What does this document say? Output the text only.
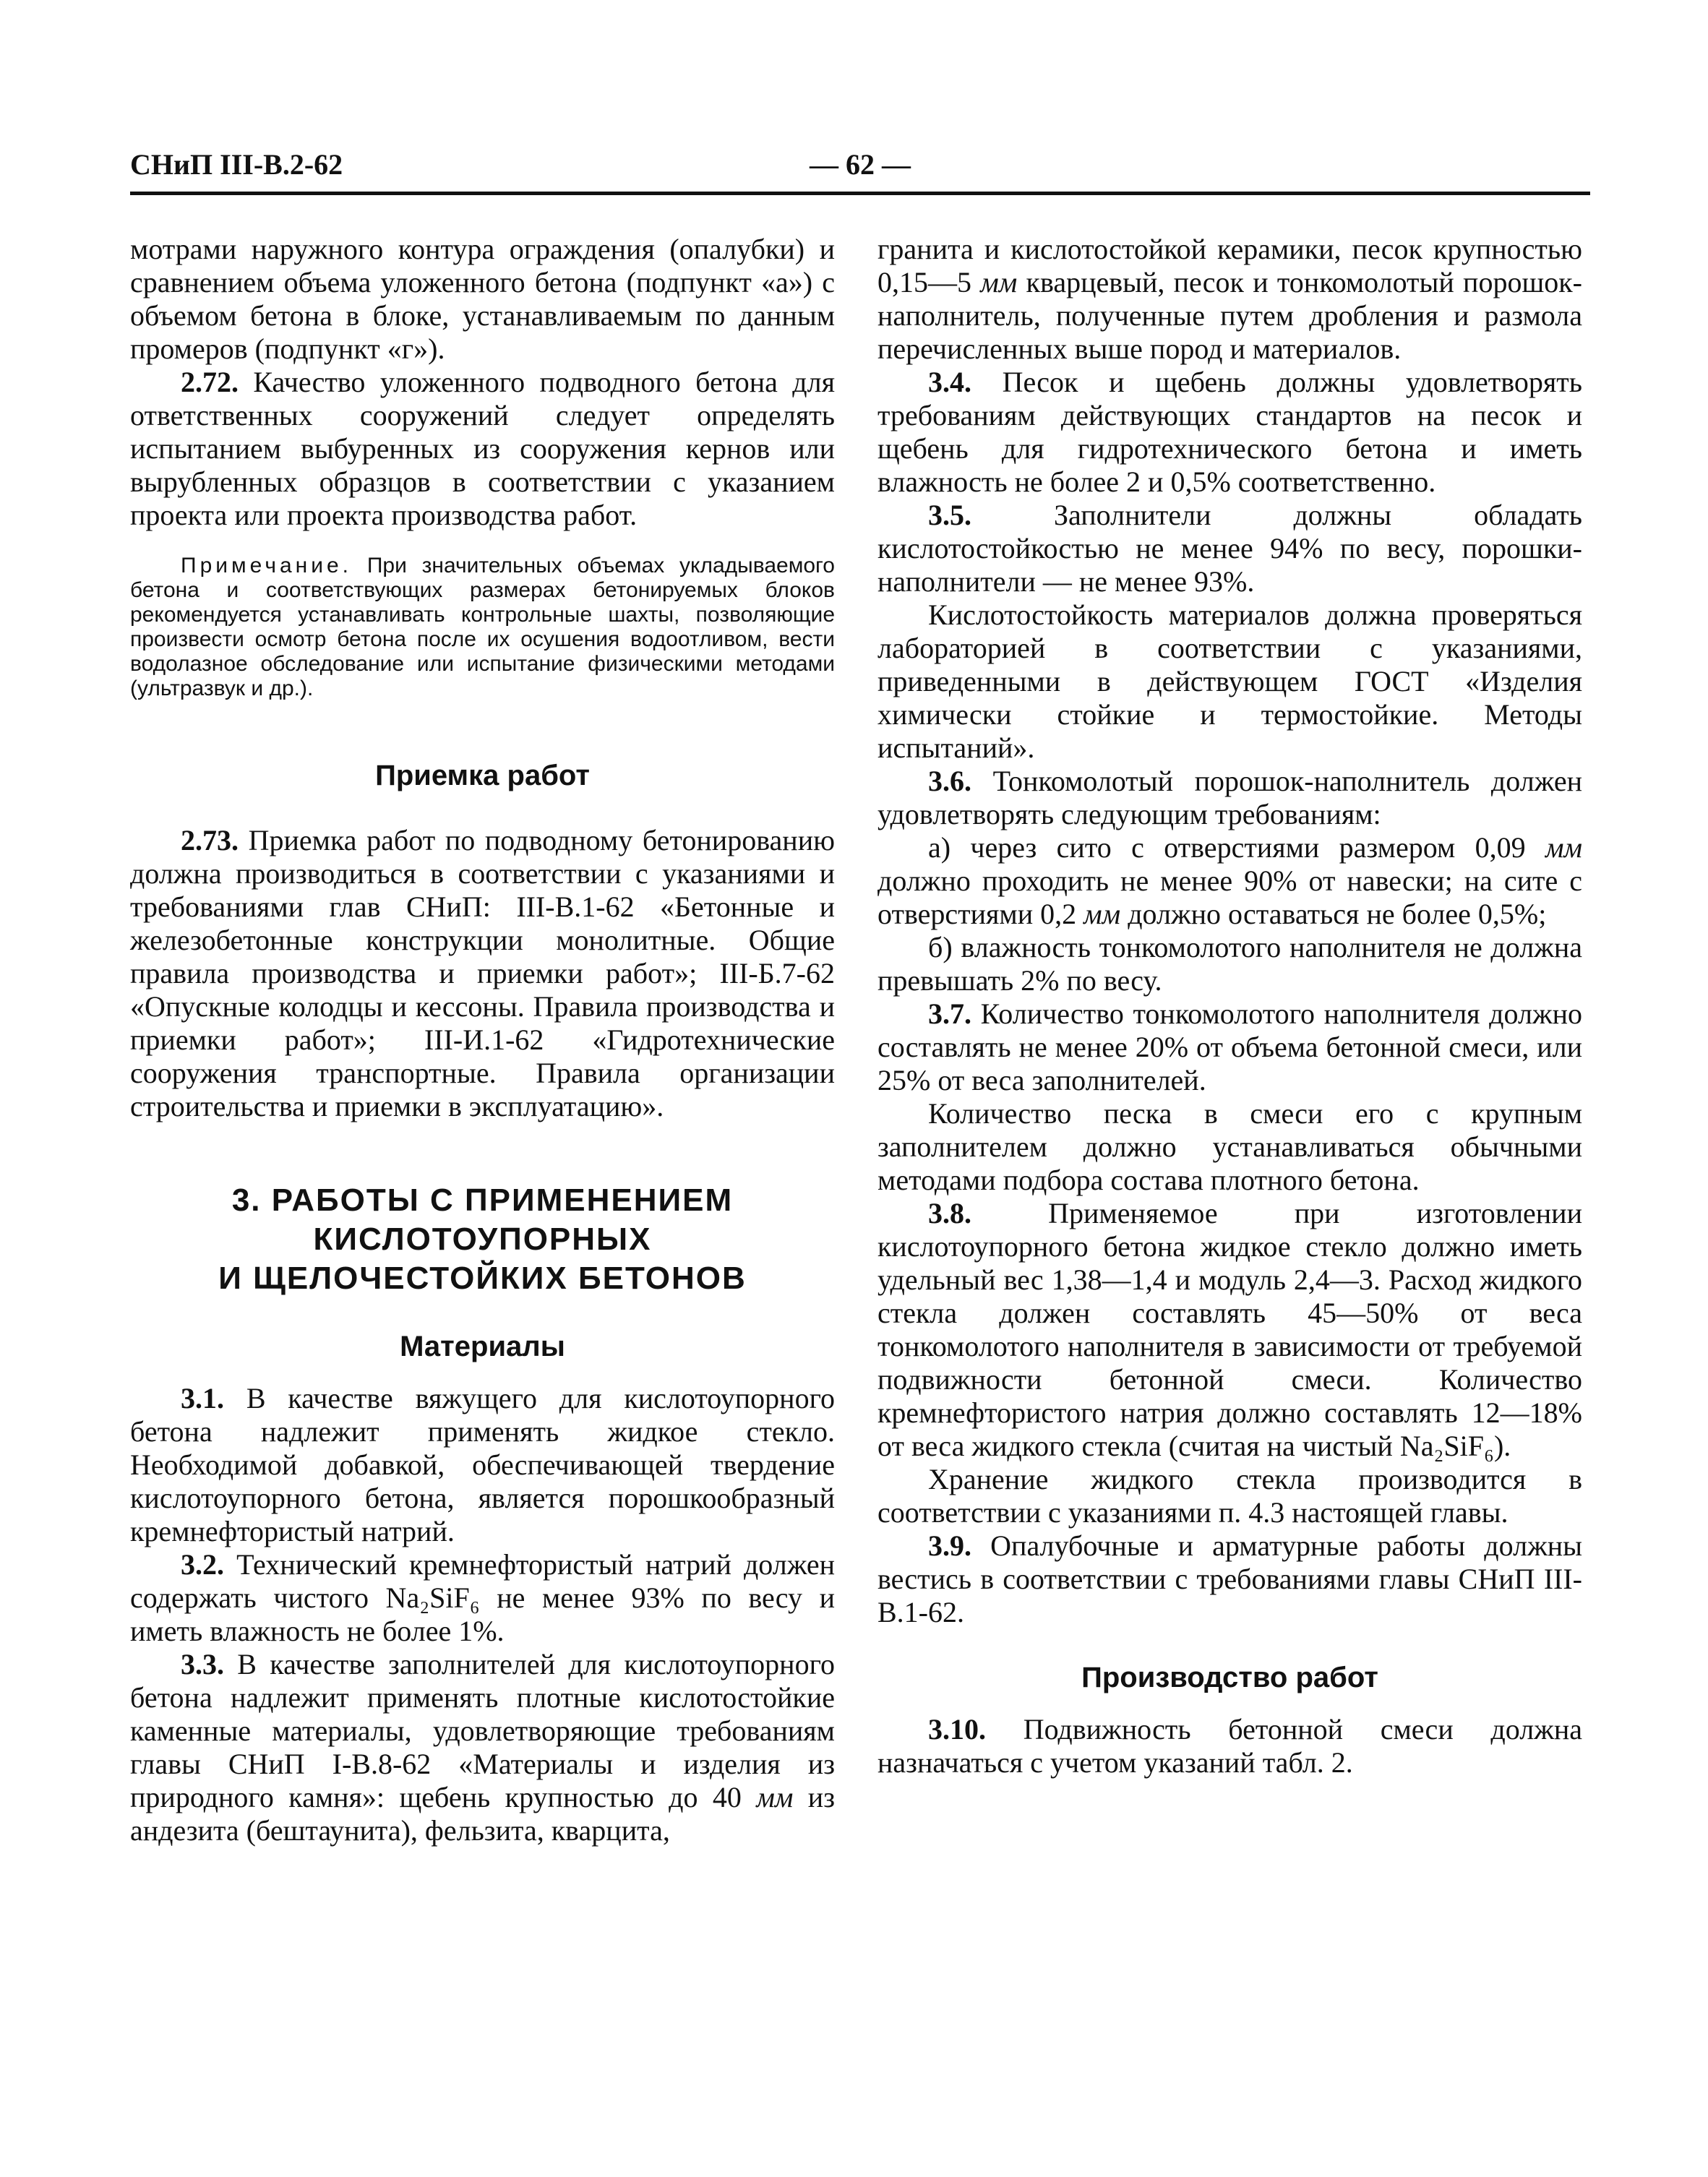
СНиП III-В.2-62	— 62 —

мотрами наружного контура ограждения (опалубки) и сравнением объема уложенного бетона (подпункт «а») с объемом бетона в блоке, устанавливаемым по данным промеров (подпункт «г»).

2.72. Качество уложенного подводного бетона для ответственных сооружений следует определять испытанием выбуренных из сооружения кернов или вырубленных образцов в соответствии с указанием проекта или проекта производства работ.

Примечание. При значительных объемах укладываемого бетона и соответствующих размерах бетонируемых блоков рекомендуется устанавливать контрольные шахты, позволяющие произвести осмотр бетона после их осушения водоотливом, вести водолазное обследование или испытание физическими методами (ультразвук и др.).
Приемка работ

2.73. Приемка работ по подводному бетонированию должна производиться в соответствии с указаниями и требованиями глав СНиП: III-В.1-62 «Бетонные и железобетонные конструкции монолитные. Общие правила производства и приемки работ»; III-Б.7-62 «Опускные колодцы и кессоны. Правила производства и приемки работ»; III-И.1-62 «Гидротехнические сооружения транспортные. Правила организации строительства и приемки в эксплуатацию».

3. РАБОТЫ С ПРИМЕНЕНИЕМ
КИСЛОТОУПОРНЫХ
И ЩЕЛОЧЕСТОЙКИХ БЕТОНОВ
Материалы

3.1. В качестве вяжущего для кислотоупорного бетона надлежит применять жидкое стекло. Необходимой добавкой, обеспечивающей твердение кислотоупорного бетона, является порошкообразный кремнефтористый натрий.

3.2. Технический кремнефтористый натрий должен содержать чистого Na₂SiF₆ не менее 93% по весу и иметь влажность не более 1%.

3.3. В качестве заполнителей для кислотоупорного бетона надлежит применять плотные кислотостойкие каменные материалы, удовлетворяющие требованиям главы СНиП I-В.8-62 «Материалы и изделия из природного камня»: щебень крупностью до 40 мм из андезита (бештаунита), фельзита, кварцита,

гранита и кислотостойкой керамики, песок крупностью 0,15—5 мм кварцевый, песок и тонкомолотый порошок-наполнитель, полученные путем дробления и размола перечисленных выше пород и материалов.

3.4. Песок и щебень должны удовлетворять требованиям действующих стандартов на песок и щебень для гидротехнического бетона и иметь влажность не более 2 и 0,5% соответственно.

3.5. Заполнители должны обладать кислотостойкостью не менее 94% по весу, порошки-наполнители — не менее 93%.

Кислотостойкость материалов должна проверяться лабораторией в соответствии с указаниями, приведенными в действующем ГОСТ «Изделия химически стойкие и термостойкие. Методы испытаний».

3.6. Тонкомолотый порошок-наполнитель должен удовлетворять следующим требованиям:

а) через сито с отверстиями размером 0,09 мм должно проходить не менее 90% от навески; на сите с отверстиями 0,2 мм должно оставаться не более 0,5%;

б) влажность тонкомолотого наполнителя не должна превышать 2% по весу.

3.7. Количество тонкомолотого наполнителя должно составлять не менее 20% от объема бетонной смеси, или 25% от веса заполнителей.

Количество песка в смеси его с крупным заполнителем должно устанавливаться обычными методами подбора состава плотного бетона.

3.8. Применяемое при изготовлении кислотоупорного бетона жидкое стекло должно иметь удельный вес 1,38—1,4 и модуль 2,4—3. Расход жидкого стекла должен составлять 45—50% от веса тонкомолотого наполнителя в зависимости от требуемой подвижности бетонной смеси. Количество кремнефтористого натрия должно составлять 12—18% от веса жидкого стекла (считая на чистый Na₂SiF₆).

Хранение жидкого стекла производится в соответствии с указаниями п. 4.3 настоящей главы.

3.9. Опалубочные и арматурные работы должны вестись в соответствии с требованиями главы СНиП III-В.1-62.

Производство работ

3.10. Подвижность бетонной смеси должна назначаться с учетом указаний табл. 2.
